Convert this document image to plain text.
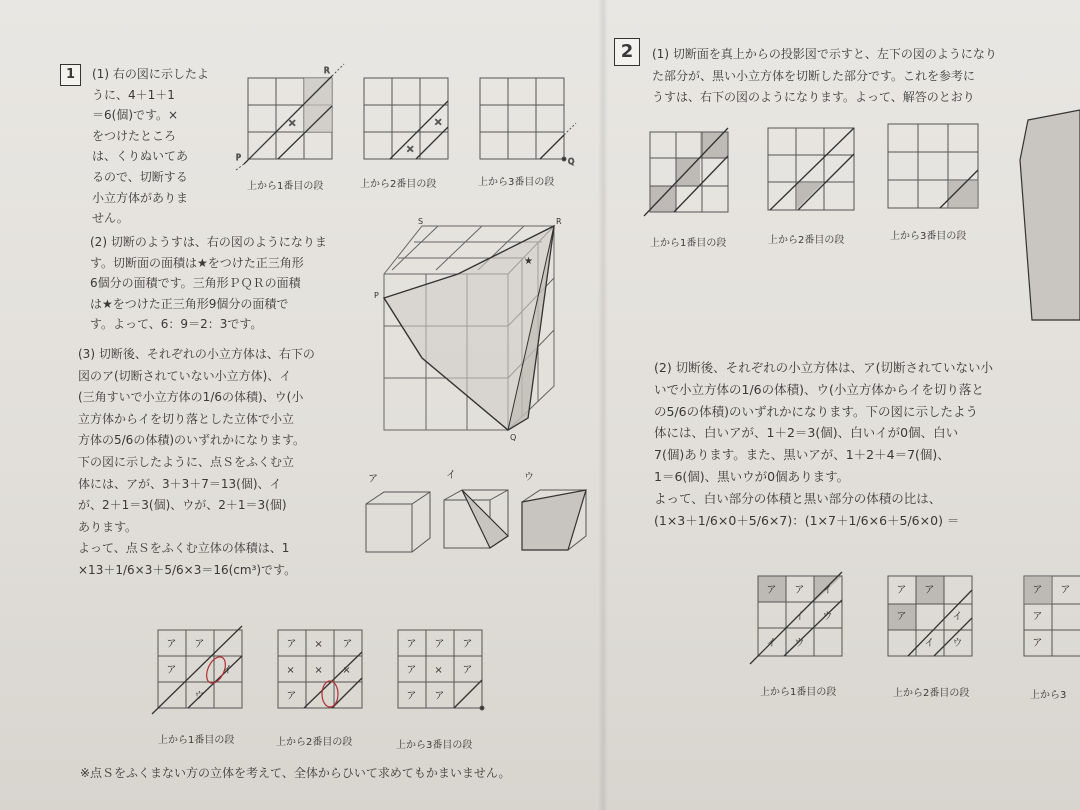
1	(1) 右の図に示したよ
うに、4＋1＋1
＝6(個)です。×
をつけたところ
は、くりぬいてあ
るので、切断する
小立方体がありま
せん。
(2) 切断のようすは、右の図のようになりま
す。切断面の面積は★をつけた正三角形
6個分の面積です。三角形ＰＱＲの面積
は★をつけた正三角形9個分の面積で
す。よって、6：9＝2：3です。
(3) 切断後、それぞれの小立方体は、右下の
図のア(切断されていない小立方体)、イ
(三角すいで小立方体の1/6の体積)、ウ(小
立方体からイを切り落とした立体で小立
方体の5/6の体積)のいずれかになります。
下の図に示したように、点Ｓをふくむ立
体には、アが、3＋3＋7＝13(個)、イ
が、2＋1＝3(個)、ウが、2＋1＝3(個)
あります。
よって、点Ｓをふくむ立体の体積は、1
×13＋1/6×3＋5/6×3＝16(cm³)です。
×
R
P
×
×
Q
上から1番目の段	上から2番目の段	上から3番目の段
S	R
P
Q
★
ア	イ	ウ
ア ア
ア	イ
ウ
ア × ア
× × ×
ア
ア ア ア
ア × ア
ア ア
上から1番目の段	上から2番目の段	上から3番目の段
※点Ｓをふくまない方の立体を考えて、全体からひいて求めてもかまいません。
2	(1) 切断面を真上からの投影図で示すと、左下の図のようになり
た部分が、黒い小立方体を切断した部分です。これを参考に
うすは、右下の図のようになります。よって、解答のとおり
上から1番目の段	上から2番目の段	上から3番目の段
(2) 切断後、それぞれの小立方体は、ア(切断されていない小
いで小立方体の1/6の体積)、ウ(小立方体からイを切り落と
の5/6の体積)のいずれかになります。下の図に示したよう
体には、白いアが、1＋2＝3(個)、白いイが0個、白い
7(個)あります。また、黒いアが、1＋2＋4＝7(個)、
1＝6(個)、黒いウが0個あります。
よって、白い部分の体積と黒い部分の体積の比は、
(1×3＋1/6×0＋5/6×7)：(1×7＋1/6×6＋5/6×0) ＝
ア ア イ
イ ウ
イ ウ
ア ア
ア	イ
イ ウ
ア ア
ア
ア
上から1番目の段	上から2番目の段	上から3
